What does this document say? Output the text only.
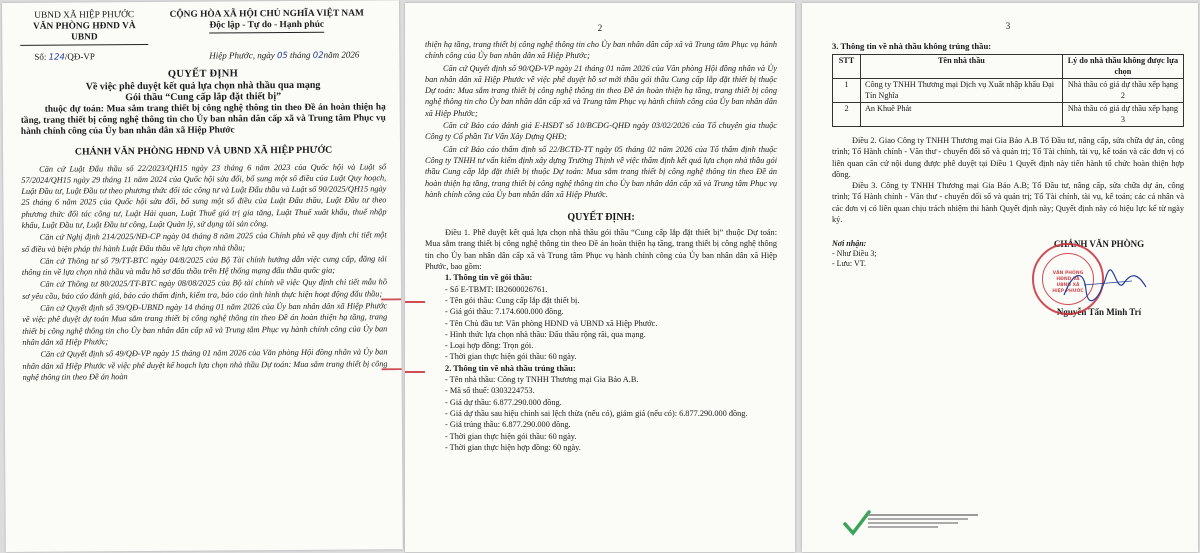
UBND XÃ HIỆP PHƯỚC
VĂN PHÒNG HĐND VÀ UBND
CỘNG HÒA XÃ HỘI CHỦ NGHĨA VIỆT NAM
Độc lập - Tự do - Hạnh phúc
Số: 124/QĐ-VP	Hiệp Phước, ngày 05 tháng 02năm 2026
QUYẾT ĐỊNH
Về việc phê duyệt kết quả lựa chọn nhà thầu qua mạng
Gói thầu “Cung cấp lắp đặt thiết bị”
thuộc dự toán: Mua sắm trang thiết bị công nghệ thông tin theo Đề án hoàn thiện hạ tầng, trang thiết bị công nghệ thông tin cho Ủy ban nhân dân cấp xã và Trung tâm Phục vụ hành chính công của Ủy ban nhân dân xã Hiệp Phước
CHÁNH VĂN PHÒNG HĐND VÀ UBND XÃ HIỆP PHƯỚC
Căn cứ Luật Đấu thầu số 22/2023/QH15 ngày 23 tháng 6 năm 2023 của Quốc hội và Luật số 57/2024/QH15 ngày 29 tháng 11 năm 2024 của Quốc hội sửa đổi, bổ sung một số điều của Luật Quy hoạch, Luật Đầu tư, Luật Đầu tư theo phương thức đối tác công tư và Luật Đấu thầu và Luật số 90/2025/QH15 ngày 25 tháng 6 năm 2025 của Quốc hội sửa đổi, bổ sung một số điều của Luật Đấu thầu, Luật Đầu tư theo phương thức đối tác công tư, Luật Hải quan, Luật Thuế giá trị gia tăng, Luật Thuế xuất khẩu, thuế nhập khẩu, Luật Đầu tư, Luật Đầu tư công, Luật Quản lý, sử dụng tài sản công.
Căn cứ Nghị định 214/2025/NĐ-CP ngày 04 tháng 8 năm 2025 của Chính phủ về quy định chi tiết một số điều và biện pháp thi hành Luật Đấu thầu về lựa chọn nhà thầu;
Căn cứ Thông tư số 79/TT-BTC ngày 04/8/2025 của Bộ Tài chính hướng dẫn việc cung cấp, đăng tải thông tin về lựa chọn nhà thầu và mẫu hồ sơ đấu thầu trên Hệ thống mạng đấu thầu quốc gia;
Căn cứ Thông tư 80/2025/TT-BTC ngày 08/08/2025 của Bộ tài chính về việc Quy định chi tiết mẫu hồ sơ yêu cầu, báo cáo đánh giá, báo cáo thẩm định, kiểm tra, báo cáo tình hình thực hiện hoạt động đấu thầu;
Căn cứ Quyết định số 39/QĐ-UBND ngày 14 tháng 01 năm 2026 của Ủy ban nhân dân xã Hiệp Phước về việc phê duyệt dự toán Mua sắm trang thiết bị công nghệ thông tin theo Đề án hoàn thiện hạ tầng, trang thiết bị công nghệ thông tin cho Ủy ban nhân dân cấp xã và Trung tâm Phục vụ hành chính công của Ủy ban nhân dân xã Hiệp Phước;
Căn cứ Quyết định số 49/QĐ-VP ngày 15 tháng 01 năm 2026 của Văn phòng Hội đồng nhân và Ủy ban nhân dân xã Hiệp Phước về việc phê duyệt kế hoạch lựa chọn nhà thầu Dự toán: Mua sắm trang thiết bị công nghệ thông tin theo Đề án hoàn
2
thiện hạ tầng, trang thiết bị công nghệ thông tin cho Ủy ban nhân dân cấp xã và Trung tâm Phục vụ hành chính công của Ủy ban nhân dân xã Hiệp Phước;
Căn cứ Quyết định số 90/QĐ-VP ngày 21 tháng 01 năm 2026 của Văn phòng Hội đồng nhân và Ủy ban nhân dân xã Hiệp Phước về việc phê duyệt hồ sơ mời thầu gói thầu Cung cấp lắp đặt thiết bị thuộc Dự toán: Mua sắm trang thiết bị công nghệ thông tin theo Đề án hoàn thiện hạ tầng, trang thiết bị công nghệ thông tin cho Ủy ban nhân dân cấp xã và Trung tâm Phục vụ hành chính công của Ủy ban nhân dân xã Hiệp Phước;
Căn cứ Báo cáo đánh giá E-HSĐT số 10/BCĐG-QHĐ ngày 03/02/2026 của Tổ chuyên gia thuộc Công ty Cổ phần Tư Vấn Xây Dựng QHĐ;
Căn cứ Báo cáo thẩm định số 22/BCTĐ-TT ngày 05 tháng 02 năm 2026 của Tổ thẩm định thuộc Công ty TNHH tư vấn kiểm định xây dựng Trường Thịnh về việc thẩm định kết quả lựa chọn nhà thầu gói thầu Cung cấp lắp đặt thiết bị thuộc Dự toán: Mua sắm trang thiết bị công nghệ thông tin theo Đề án hoàn thiện hạ tầng, trang thiết bị công nghệ thông tin cho Ủy ban nhân dân cấp xã và Trung tâm Phục vụ hành chính công của Ủy ban nhân dân xã Hiệp Phước.
QUYẾT ĐỊNH:
Điều 1. Phê duyệt kết quả lựa chọn nhà thầu gói thầu “Cung cấp lắp đặt thiết bị” thuộc Dự toán: Mua sắm trang thiết bị công nghệ thông tin theo Đề án hoàn thiện hạ tầng, trang thiết bị công nghệ thông tin cho Ủy ban nhân dân cấp xã và Trung tâm Phục vụ hành chính công của Ủy ban nhân dân xã Hiệp Phước, bao gồm:
1. Thông tin về gói thầu:
- Số E-TBMT: IB2600026761.
- Tên gói thầu: Cung cấp lắp đặt thiết bị.
- Giá gói thầu: 7.174.600.000 đồng.
- Tên Chủ đầu tư: Văn phòng HĐND và UBND xã Hiệp Phước.
- Hình thức lựa chọn nhà thầu: Đấu thầu rộng rãi, qua mạng.
- Loại hợp đồng: Trọn gói.
- Thời gian thực hiện gói thầu: 60 ngày.
2. Thông tin về nhà thầu trúng thầu:
- Tên nhà thầu: Công ty TNHH Thương mại Gia Bảo A.B.
- Mã số thuế: 0303224753.
- Giá dự thầu: 6.877.290.000 đồng.
- Giá dự thầu sau hiệu chỉnh sai lệch thừa (nếu có), giảm giá (nếu có): 6.877.290.000 đồng.
- Giá trúng thầu: 6.877.290.000 đồng.
- Thời gian thực hiện gói thầu: 60 ngày.
- Thời gian thực hiện hợp đồng: 60 ngày.
3
3. Thông tin về nhà thầu không trúng thầu:
STT	Tên nhà thầu	Lý do nhà thầu không được lựa chọn
1	Công ty TNHH Thương mại Dịch vụ Xuất nhập khẩu Đại Tín Nghĩa	Nhà thầu có giá dự thầu xếp hạng 2
2	An Khuê Phát	Nhà thầu có giá dự thầu xếp hạng 3
Điều 2. Giao Công ty TNHH Thương mại Gia Bảo A.B Tổ Đầu tư, nâng cấp, sửa chữa dự án, công trình; Tổ Hành chính - Văn thư - chuyển đổi số và quản trị; Tổ Tài chính, tài vụ, kế toán và các đơn vị có liên quan căn cứ nội dung được phê duyệt tại Điều 1 Quyết định này tiến hành tổ chức hoàn thiện hợp đồng.
Điều 3. Công ty TNHH Thương mại Gia Bảo A.B; Tổ Đầu tư, nâng cấp, sửa chữa dự án, công trình; Tổ Hành chính - Văn thư - chuyển đổi số và quản trị; Tổ Tài chính, tài vụ, kế toán; các cá nhân và các đơn vị có liên quan chịu trách nhiệm thi hành Quyết định này; Quyết định này có hiệu lực kể từ ngày ký.
Nơi nhận:
- Như Điều 3;
- Lưu: VT.
CHÁNH VĂN PHÒNG
VĂN PHÒNG HĐND VÀ UBND XÃ HIỆP PHƯỚC
Nguyễn Tấn Minh Trí
